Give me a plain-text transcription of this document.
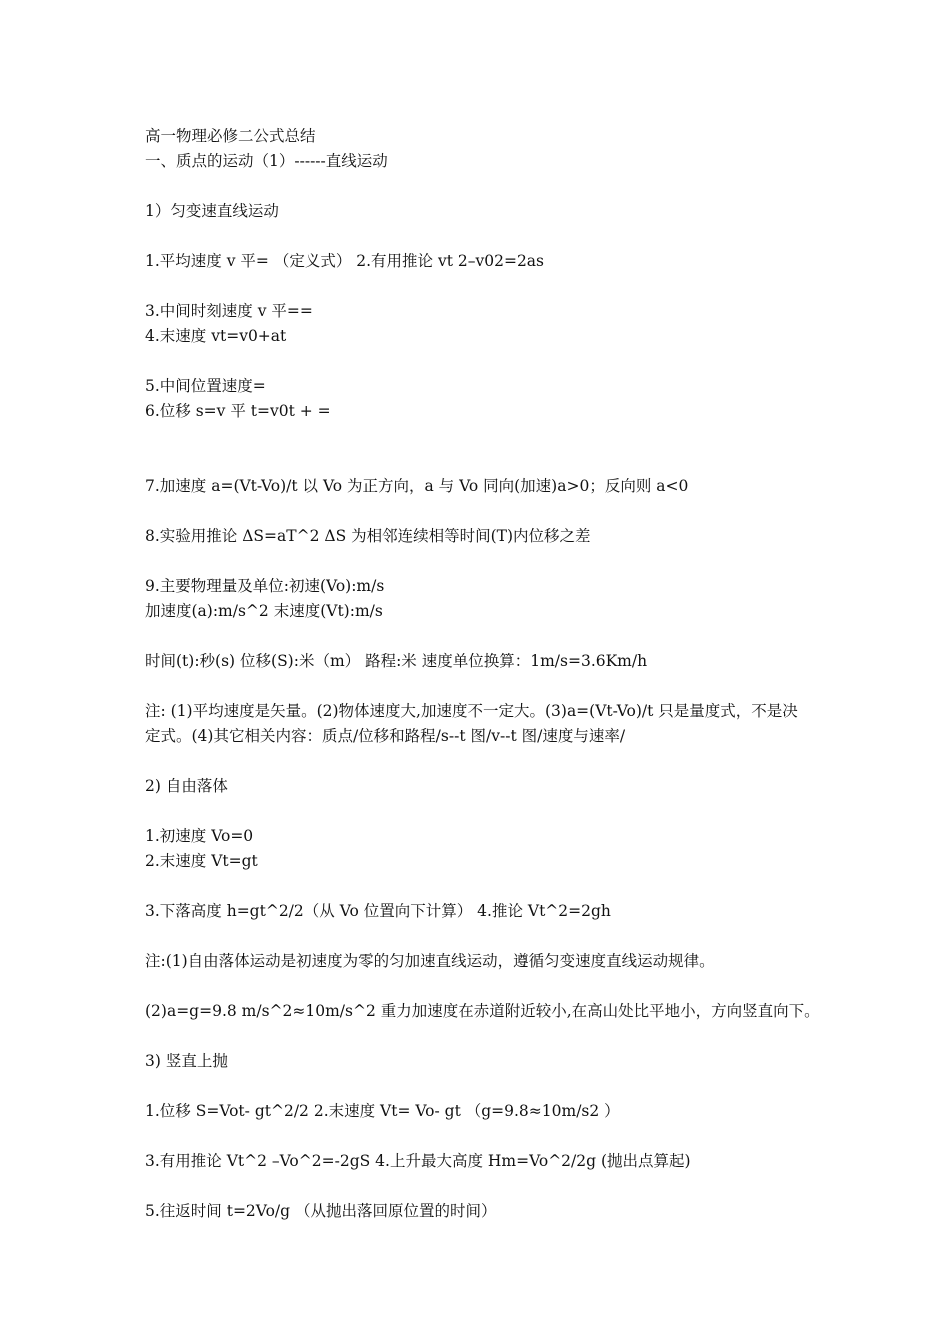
高一物理必修二公式总结
一、质点的运动（1）------直线运动
1）匀变速直线运动
1.平均速度 v 平= （定义式） 2.有用推论 vt 2–v02=2as
3.中间时刻速度 v 平==
4.末速度 vt=v0+at
5.中间位置速度=
6.位移 s=v 平 t=v0t + =
7.加速度 a=(Vt-Vo)/t 以 Vo 为正方向，a 与 Vo 同向(加速)a>0；反向则 a<0
8.实验用推论 ΔS=aT^2 ΔS 为相邻连续相等时间(T)内位移之差
9.主要物理量及单位:初速(Vo):m/s
加速度(a):m/s^2 末速度(Vt):m/s
时间(t):秒(s) 位移(S):米（m） 路程:米 速度单位换算：1m/s=3.6Km/h
注: (1)平均速度是矢量。(2)物体速度大,加速度不一定大。(3)a=(Vt-Vo)/t 只是量度式，不是决定式。(4)其它相关内容：质点/位移和路程/s--t 图/v--t 图/速度与速率/
2) 自由落体
1.初速度 Vo=0
2.末速度 Vt=gt
3.下落高度 h=gt^2/2（从 Vo 位置向下计算） 4.推论 Vt^2=2gh
注:(1)自由落体运动是初速度为零的匀加速直线运动，遵循匀变速度直线运动规律。
(2)a=g=9.8 m/s^2≈10m/s^2 重力加速度在赤道附近较小,在高山处比平地小，方向竖直向下。
3) 竖直上抛
1.位移 S=Vot- gt^2/2 2.末速度 Vt= Vo- gt （g=9.8≈10m/s2 ）
3.有用推论 Vt^2 –Vo^2=-2gS 4.上升最大高度 Hm=Vo^2/2g (抛出点算起)
5.往返时间 t=2Vo/g （从抛出落回原位置的时间）
